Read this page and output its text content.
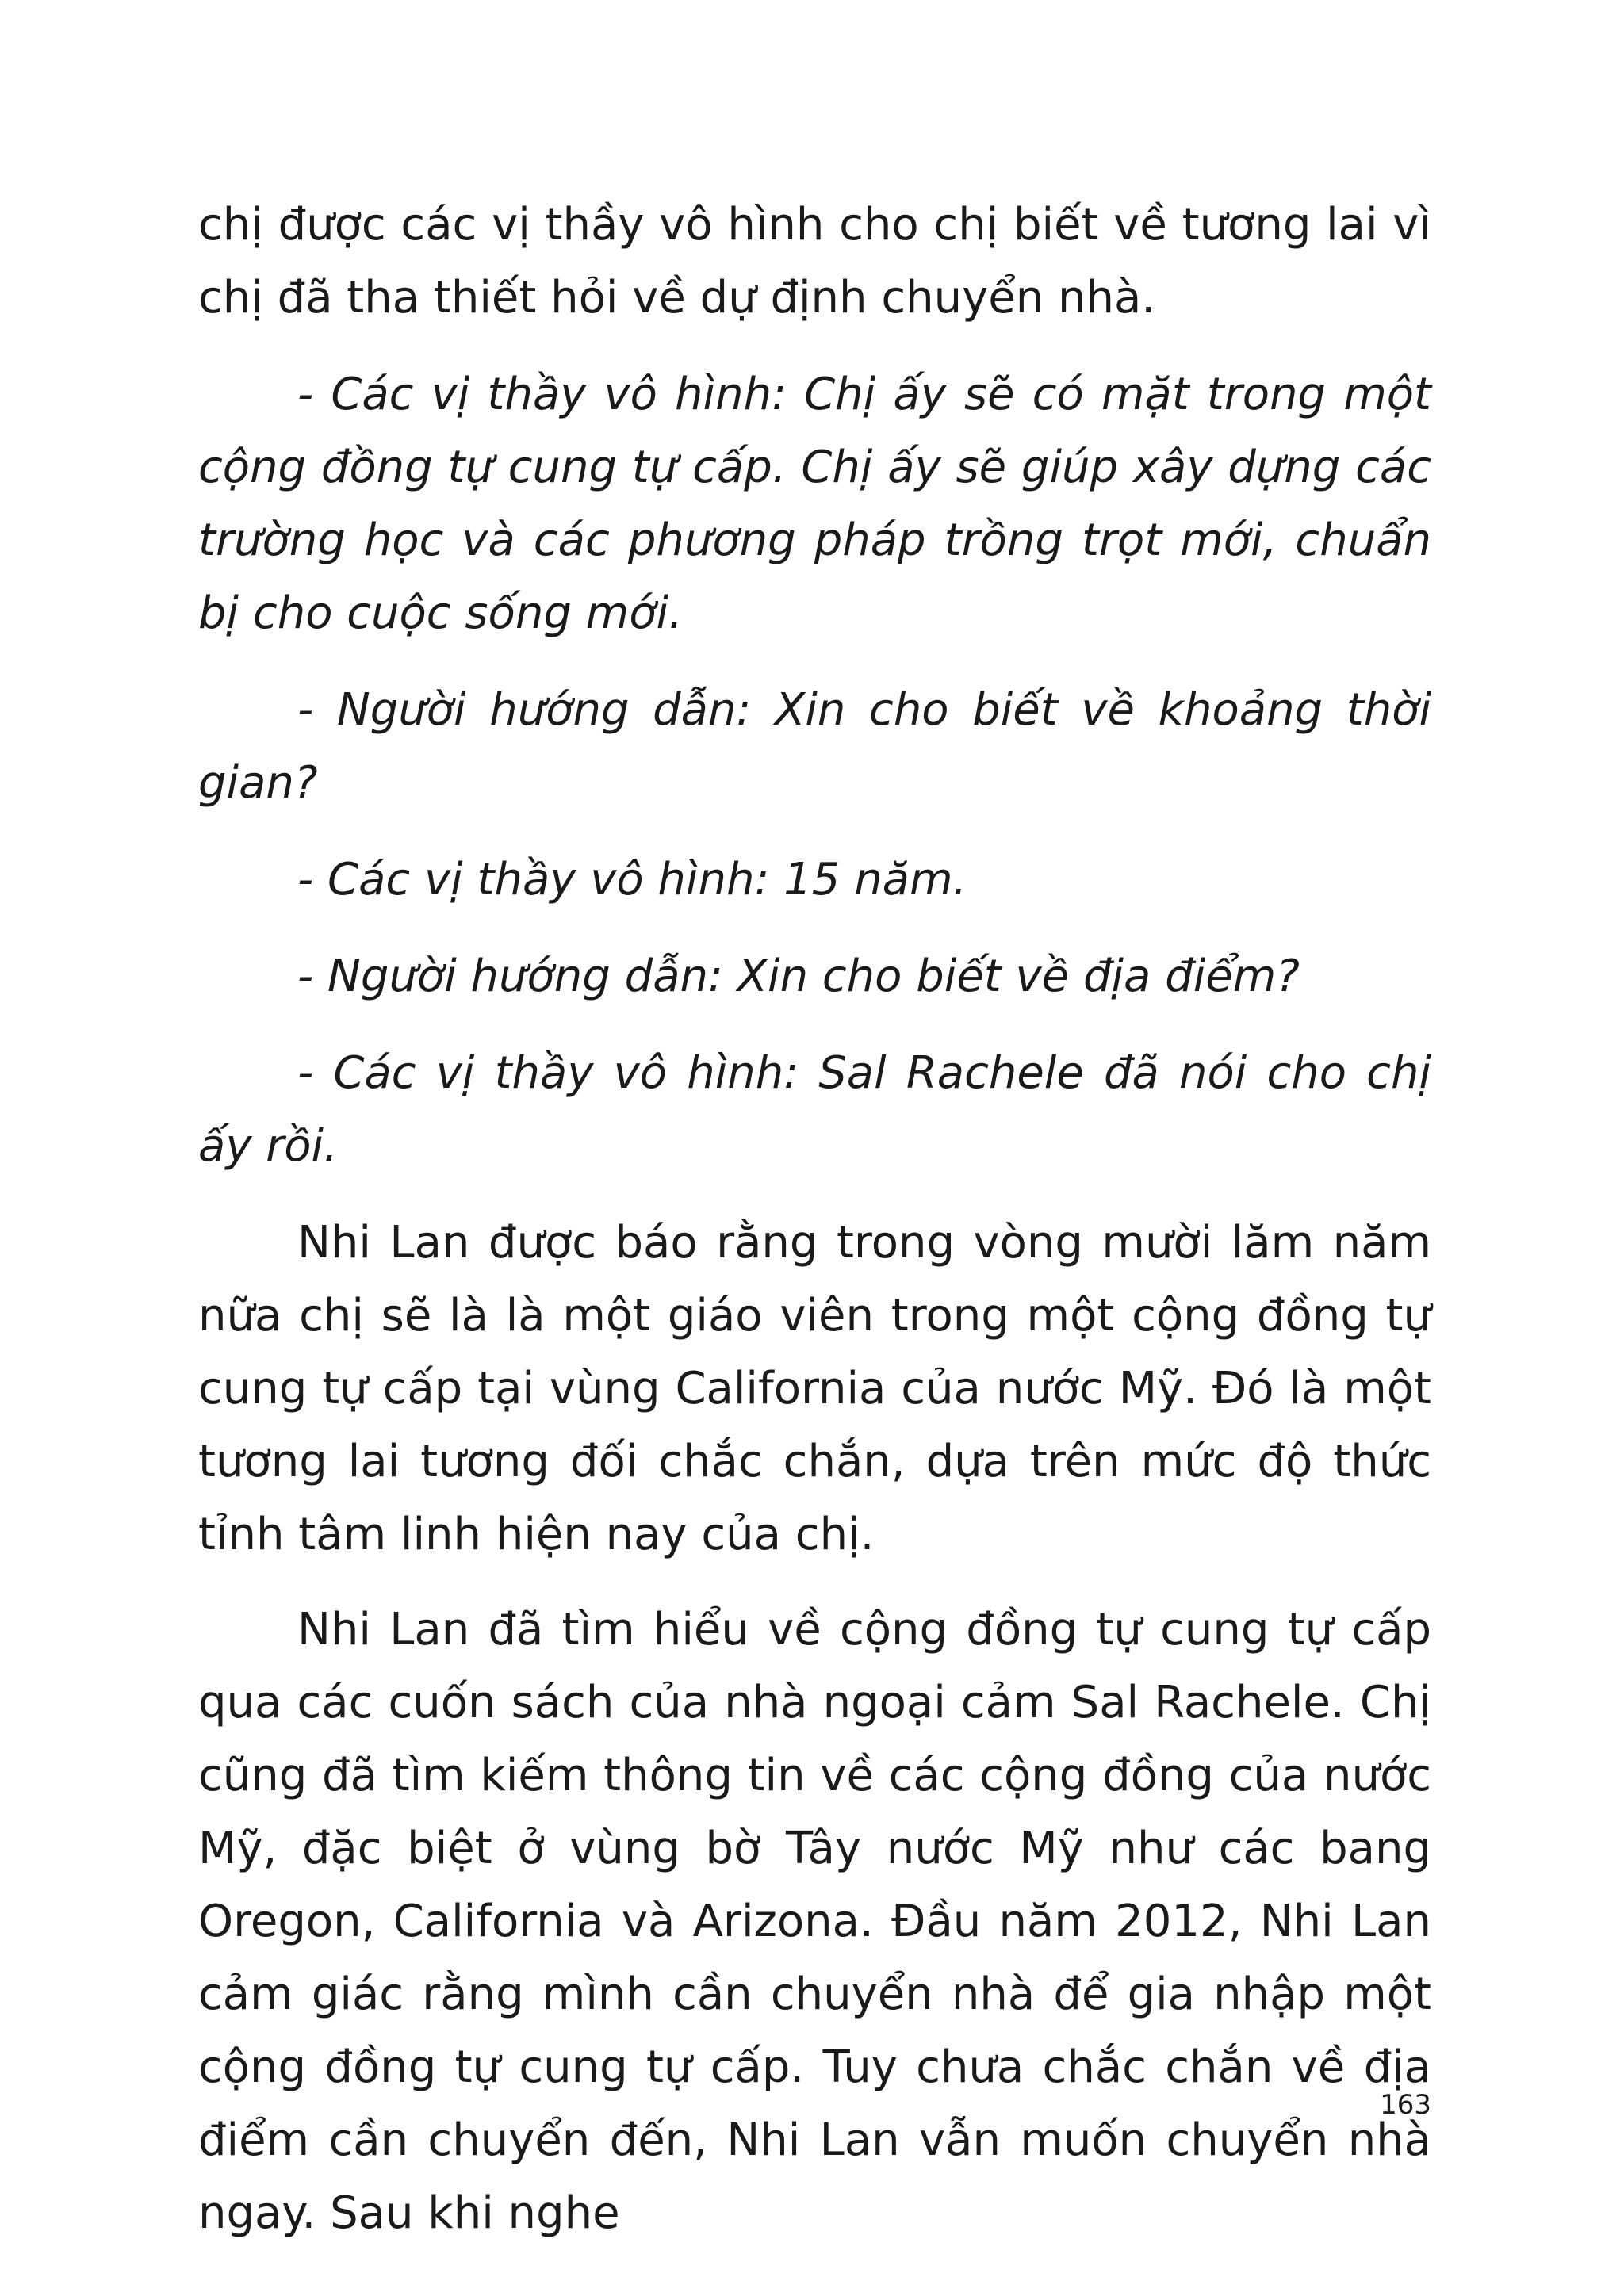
chị được các vị thầy vô hình cho chị biết về tương lai vì chị đã tha thiết hỏi về dự định chuyển nhà.

- Các vị thầy vô hình: Chị ấy sẽ có mặt trong một cộng đồng tự cung tự cấp. Chị ấy sẽ giúp xây dựng các trường học và các phương pháp trồng trọt mới, chuẩn bị cho cuộc sống mới.

- Người hướng dẫn: Xin cho biết về khoảng thời gian?

- Các vị thầy vô hình: 15 năm.

- Người hướng dẫn: Xin cho biết về địa điểm?

- Các vị thầy vô hình: Sal Rachele đã nói cho chị ấy rồi.

Nhi Lan được báo rằng trong vòng mười lăm năm nữa chị sẽ là là một giáo viên trong một cộng đồng tự cung tự cấp tại vùng California của nước Mỹ. Đó là một tương lai tương đối chắc chắn, dựa trên mức độ thức tỉnh tâm linh hiện nay của chị.

Nhi Lan đã tìm hiểu về cộng đồng tự cung tự cấp qua các cuốn sách của nhà ngoại cảm Sal Rachele. Chị cũng đã tìm kiếm thông tin về các cộng đồng của nước Mỹ, đặc biệt ở vùng bờ Tây nước Mỹ như các bang Oregon, California và Arizona. Đầu năm 2012, Nhi Lan cảm giác rằng mình cần chuyển nhà để gia nhập một cộng đồng tự cung tự cấp. Tuy chưa chắc chắn về địa điểm cần chuyển đến, Nhi Lan vẫn muốn chuyển nhà ngay. Sau khi nghe

163
